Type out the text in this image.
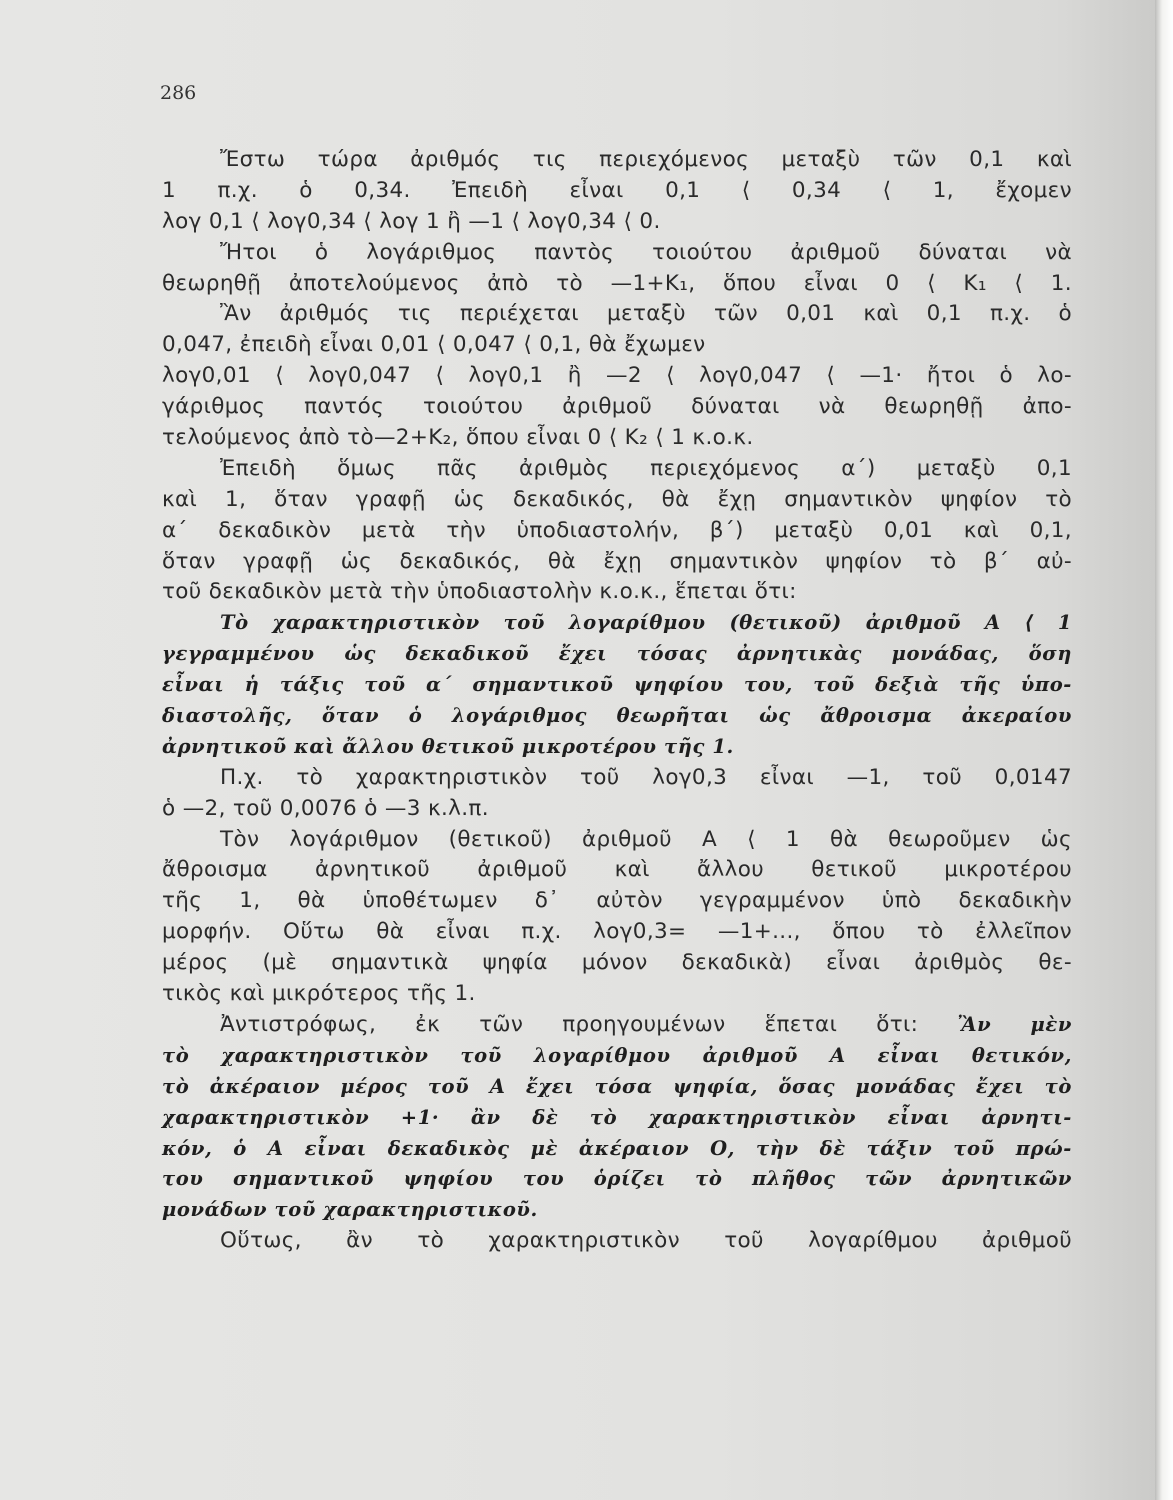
286
Ἔστω τώρα ἀριθμός τις περιεχόμενος μεταξὺ τῶν 0,1 καὶ
1 π.χ. ὁ 0,34. Ἐπειδὴ εἶναι 0,1 ⟨ 0,34 ⟨ 1, ἔχομεν
λογ 0,1 ⟨ λογ0,34 ⟨ λογ 1 ἢ —1 ⟨ λογ0,34 ⟨ 0.
Ἤτοι ὁ λογάριθμος παντὸς τοιούτου ἀριθμοῦ δύναται νὰ
θεωρηθῇ ἀποτελούμενος ἀπὸ τὸ —1+K₁, ὅπου εἶναι 0 ⟨ K₁ ⟨ 1.
Ἂν ἀριθμός τις περιέχεται μεταξὺ τῶν 0,01 καὶ 0,1 π.χ. ὁ
0,047, ἐπειδὴ εἶναι 0,01 ⟨ 0,047 ⟨ 0,1, θὰ ἔχωμεν
λογ0,01 ⟨ λογ0,047 ⟨ λογ0,1 ἢ —2 ⟨ λογ0,047 ⟨ —1· ἤτοι ὁ λο-
γάριθμος παντός τοιούτου ἀριθμοῦ δύναται νὰ θεωρηθῇ ἀπο-
τελούμενος ἀπὸ τὸ—2+K₂, ὅπου εἶναι 0 ⟨ K₂ ⟨ 1 κ.ο.κ.
Ἐπειδὴ ὅμως πᾶς ἀριθμὸς περιεχόμενος α΄) μεταξὺ 0,1
καὶ 1, ὅταν γραφῇ ὡς δεκαδικός, θὰ ἔχῃ σημαντικὸν ψηφίον τὸ
α΄ δεκαδικὸν μετὰ τὴν ὑποδιαστολήν, β΄) μεταξὺ 0,01 καὶ 0,1,
ὅταν γραφῇ ὡς δεκαδικός, θὰ ἔχῃ σημαντικὸν ψηφίον τὸ β΄ αὐ-
τοῦ δεκαδικὸν μετὰ τὴν ὑποδιαστολὴν κ.ο.κ., ἕπεται ὅτι:
Τὸ χαρακτηριστικὸν τοῦ λογαρίθμου (θετικοῦ) ἀριθμοῦ Α ⟨ 1
γεγραμμένου ὡς δεκαδικοῦ ἔχει τόσας ἀρνητικὰς μονάδας, ὅση
εἶναι ἡ τάξις τοῦ α΄ σημαντικοῦ ψηφίου του, τοῦ δεξιὰ τῆς ὑπο-
διαστολῆς, ὅταν ὁ λογάριθμος θεωρῆται ὡς ἄθροισμα ἀκεραίου
ἀρνητικοῦ καὶ ἄλλου θετικοῦ μικροτέρου τῆς 1.
Π.χ. τὸ χαρακτηριστικὸν τοῦ λογ0,3 εἶναι —1, τοῦ 0,0147
ὁ —2, τοῦ 0,0076 ὁ —3 κ.λ.π.
Τὸν λογάριθμον (θετικοῦ) ἀριθμοῦ Α ⟨ 1 θὰ θεωροῦμεν ὡς
ἄθροισμα ἀρνητικοῦ ἀριθμοῦ καὶ ἄλλου θετικοῦ μικροτέρου
τῆς 1, θὰ ὑποθέτωμεν δ᾽ αὐτὸν γεγραμμένον ὑπὸ δεκαδικὴν
μορφήν. Οὕτω θὰ εἶναι π.χ. λογ0,3= —1+..., ὅπου τὸ ἐλλεῖπον
μέρος (μὲ σημαντικὰ ψηφία μόνον δεκαδικὰ) εἶναι ἀριθμὸς θε-
τικὸς καὶ μικρότερος τῆς 1.
Ἀντιστρόφως, ἐκ τῶν προηγουμένων ἕπεται ὅτι: Ἂν μὲν
τὸ χαρακτηριστικὸν τοῦ λογαρίθμου ἀριθμοῦ Α εἶναι θετικόν,
τὸ ἀκέραιον μέρος τοῦ Α ἔχει τόσα ψηφία, ὅσας μονάδας ἔχει τὸ
χαρακτηριστικὸν +1· ἂν δὲ τὸ χαρακτηριστικὸν εἶναι ἀρνητι-
κόν, ὁ Α εἶναι δεκαδικὸς μὲ ἀκέραιον Ο, τὴν δὲ τάξιν τοῦ πρώ-
του σημαντικοῦ ψηφίου του ὁρίζει τὸ πλῆθος τῶν ἀρνητικῶν
μονάδων τοῦ χαρακτηριστικοῦ.
Οὕτως, ἂν τὸ χαρακτηριστικὸν τοῦ λογαρίθμου ἀριθμοῦ
